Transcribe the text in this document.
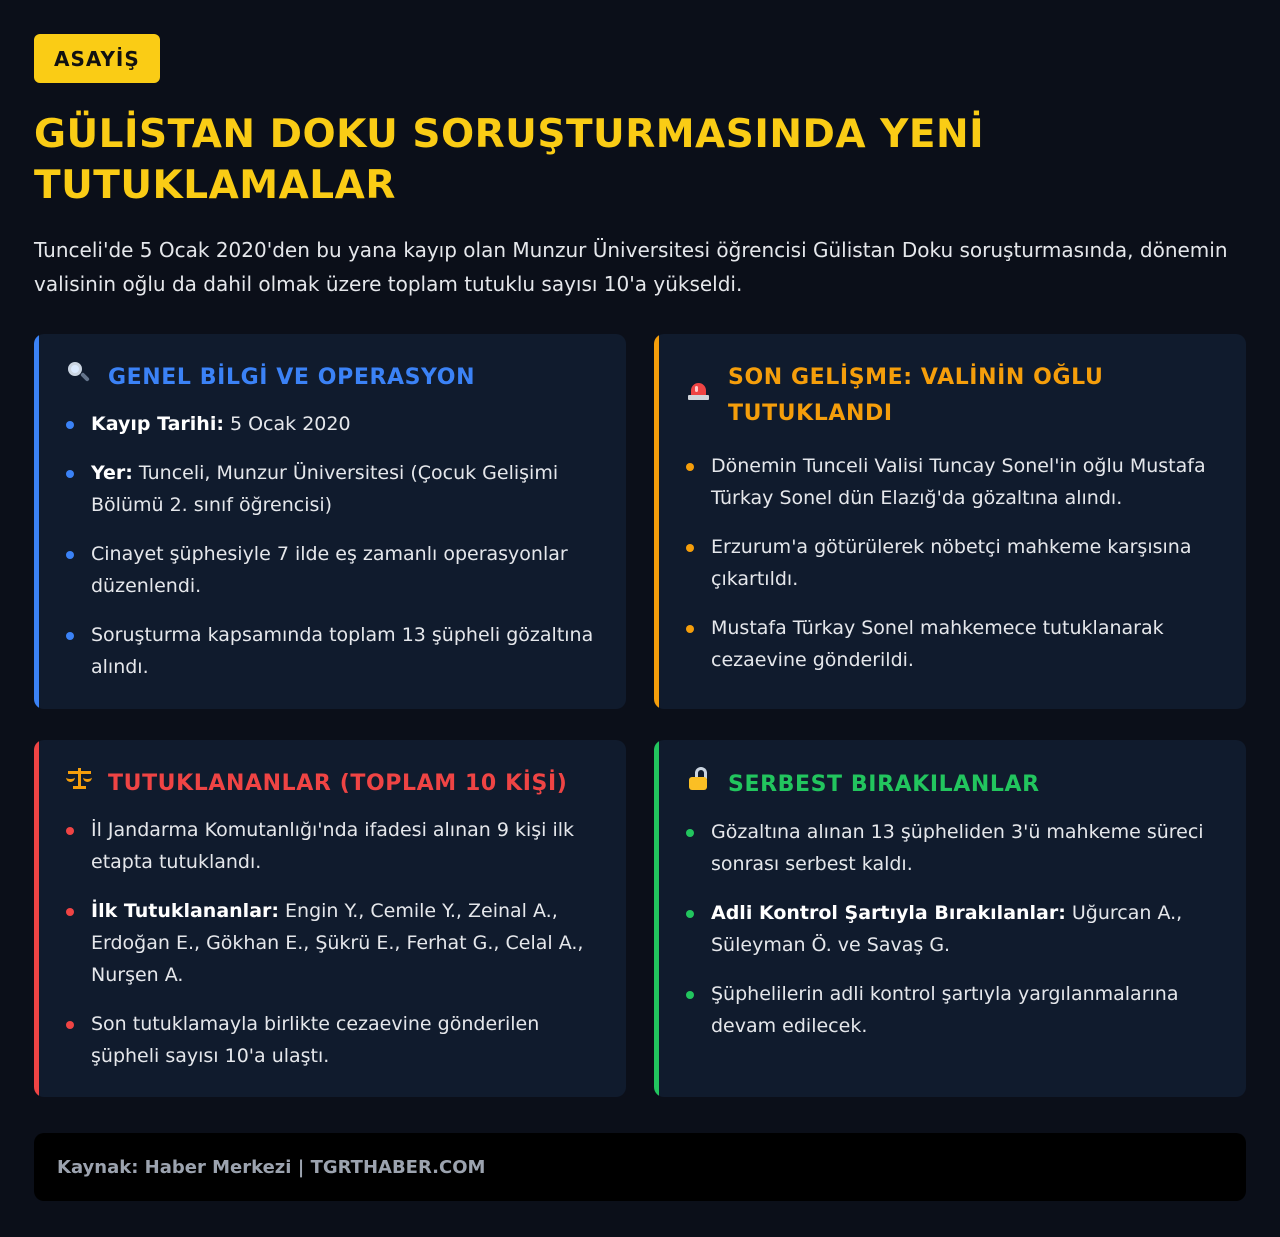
ASAYİŞ
GÜLİSTAN DOKU SORUŞTURMASINDA YENİ TUTUKLAMALAR

Tunceli'de 5 Ocak 2020'den bu yana kayıp olan Munzur Üniversitesi öğrencisi Gülistan Doku soruşturmasında, dönemin valisinin oğlu da dahil olmak üzere toplam tutuklu sayısı 10'a yükseldi.

GENEL BİLGİ VE OPERASYON
Kayıp Tarihi: 5 Ocak 2020
Yer: Tunceli, Munzur Üniversitesi (Çocuk Gelişimi Bölümü 2. sınıf öğrencisi)
Cinayet şüphesiyle 7 ilde eş zamanlı operasyonlar düzenlendi.
Soruşturma kapsamında toplam 13 şüpheli gözaltına alındı.
SON GELİŞME: VALİNİN OĞLU TUTUKLANDI
Dönemin Tunceli Valisi Tuncay Sonel'in oğlu Mustafa Türkay Sonel dün Elazığ'da gözaltına alındı.
Erzurum'a götürülerek nöbetçi mahkeme karşısına çıkartıldı.
Mustafa Türkay Sonel mahkemece tutuklanarak cezaevine gönderildi.
TUTUKLANANLAR (TOPLAM 10 KİŞİ)
İl Jandarma Komutanlığı'nda ifadesi alınan 9 kişi ilk etapta tutuklandı.
İlk Tutuklananlar: Engin Y., Cemile Y., Zeinal A., Erdoğan E., Gökhan E., Şükrü E., Ferhat G., Celal A., Nurşen A.
Son tutuklamayla birlikte cezaevine gönderilen şüpheli sayısı 10'a ulaştı.
SERBEST BIRAKILANLAR
Gözaltına alınan 13 şüpheliden 3'ü mahkeme süreci sonrası serbest kaldı.
Adli Kontrol Şartıyla Bırakılanlar: Uğurcan A., Süleyman Ö. ve Savaş G.
Şüphelilerin adli kontrol şartıyla yargılanmalarına devam edilecek.
Kaynak: Haber Merkezi | TGRTHABER.COM
